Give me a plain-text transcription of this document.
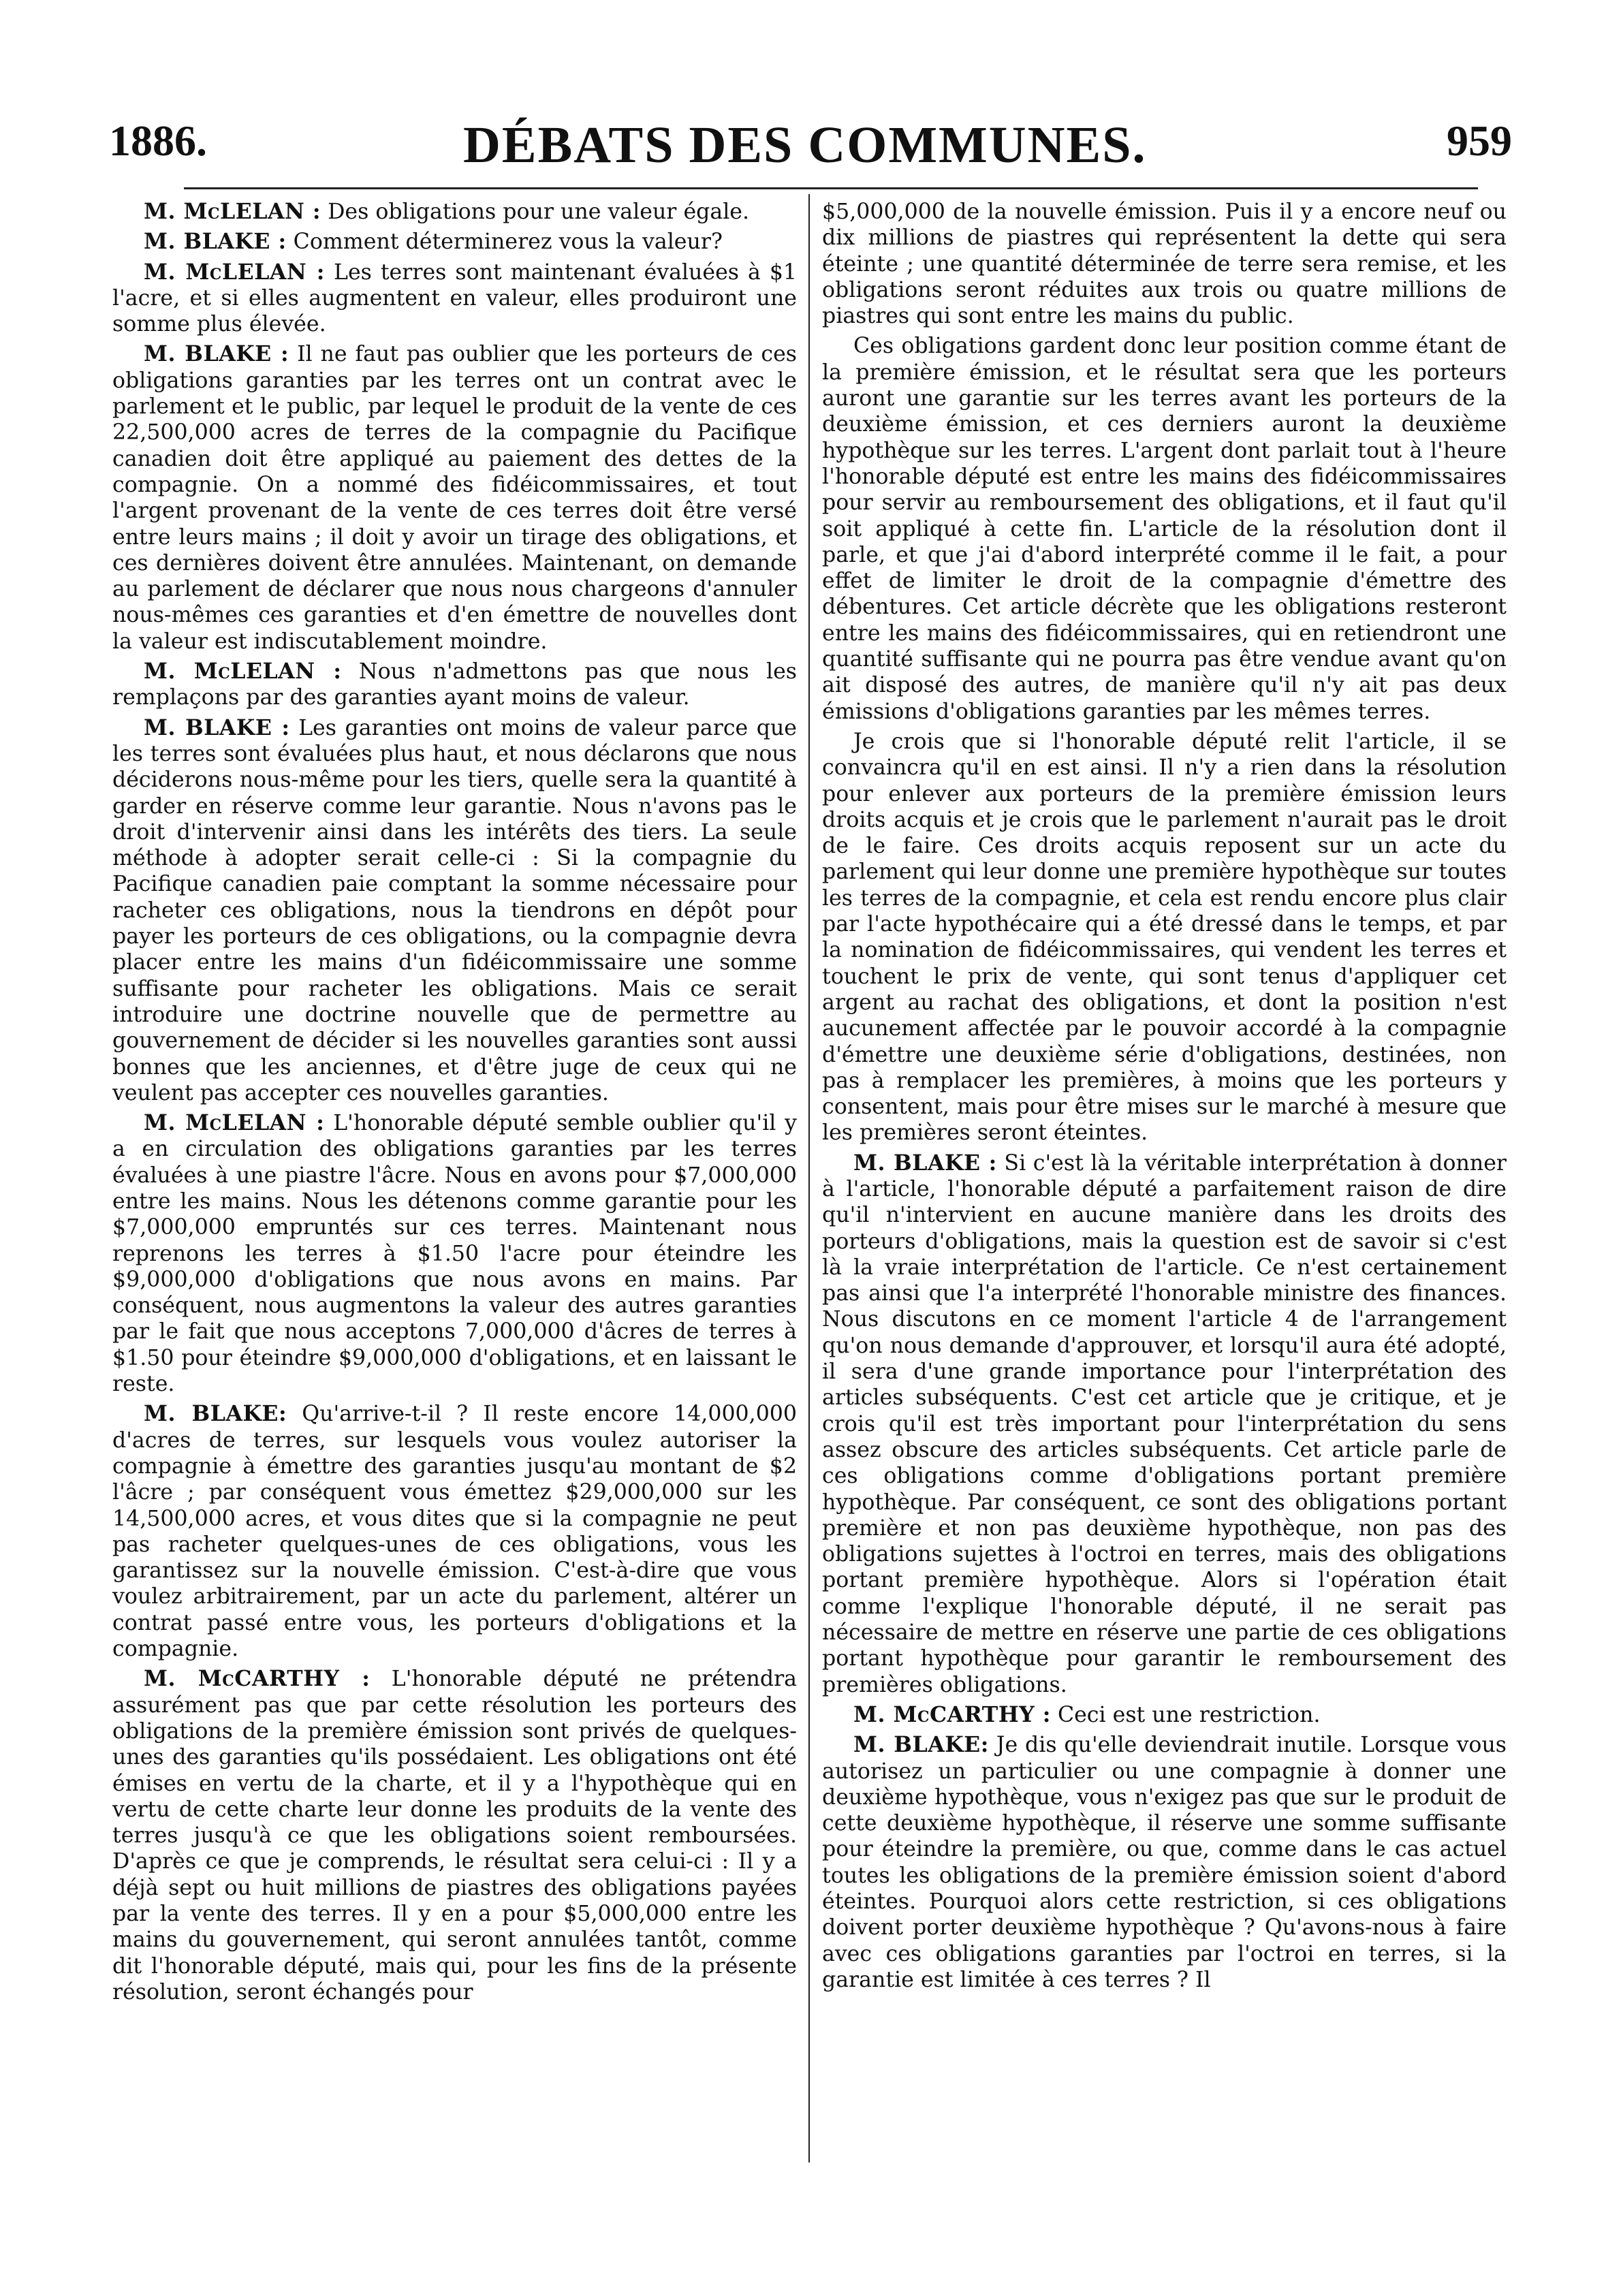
1886.	DÉBATS DES COMMUNES.	959

M. McLELAN : Des obligations pour une valeur égale.

M. BLAKE : Comment déterminerez vous la valeur?

M. McLELAN : Les terres sont maintenant évaluées à $1 l'acre, et si elles augmentent en valeur, elles produiront une somme plus élevée.

M. BLAKE : Il ne faut pas oublier que les porteurs de ces obligations garanties par les terres ont un contrat avec le parlement et le public, par lequel le produit de la vente de ces 22,500,000 acres de terres de la compagnie du Pacifique canadien doit être appliqué au paiement des dettes de la compagnie. On a nommé des fidéicommissaires, et tout l'argent provenant de la vente de ces terres doit être versé entre leurs mains ; il doit y avoir un tirage des obligations, et ces dernières doivent être annulées. Maintenant, on demande au parlement de déclarer que nous nous chargeons d'annuler nous-mêmes ces garanties et d'en émettre de nouvelles dont la valeur est indiscutablement moindre.

M. McLELAN : Nous n'admettons pas que nous les remplaçons par des garanties ayant moins de valeur.

M. BLAKE : Les garanties ont moins de valeur parce que les terres sont évaluées plus haut, et nous déclarons que nous déciderons nous-même pour les tiers, quelle sera la quantité à garder en réserve comme leur garantie. Nous n'avons pas le droit d'intervenir ainsi dans les intérêts des tiers. La seule méthode à adopter serait celle-ci : Si la compagnie du Pacifique canadien paie comptant la somme nécessaire pour racheter ces obligations, nous la tiendrons en dépôt pour payer les porteurs de ces obligations, ou la compagnie devra placer entre les mains d'un fidéicommissaire une somme suffisante pour racheter les obligations. Mais ce serait introduire une doctrine nouvelle que de permettre au gouvernement de décider si les nouvelles garanties sont aussi bonnes que les anciennes, et d'être juge de ceux qui ne veulent pas accepter ces nouvelles garanties.

M. McLELAN : L'honorable député semble oublier qu'il y a en circulation des obligations garanties par les terres évaluées à une piastre l'âcre. Nous en avons pour $7,000,000 entre les mains. Nous les détenons comme garantie pour les $7,000,000 empruntés sur ces terres. Maintenant nous reprenons les terres à $1.50 l'acre pour éteindre les $9,000,000 d'obligations que nous avons en mains. Par conséquent, nous augmentons la valeur des autres garanties par le fait que nous acceptons 7,000,000 d'âcres de terres à $1.50 pour éteindre $9,000,000 d'obligations, et en laissant le reste.

M. BLAKE: Qu'arrive-t-il ? Il reste encore 14,000,000 d'acres de terres, sur lesquels vous voulez autoriser la compagnie à émettre des garanties jusqu'au montant de $2 l'âcre ; par conséquent vous émettez $29,000,000 sur les 14,500,000 acres, et vous dites que si la compagnie ne peut pas racheter quelques-unes de ces obligations, vous les garantissez sur la nouvelle émission. C'est-à-dire que vous voulez arbitrairement, par un acte du parlement, altérer un contrat passé entre vous, les porteurs d'obligations et la compagnie.

M. McCARTHY : L'honorable député ne prétendra assurément pas que par cette résolution les porteurs des obligations de la première émission sont privés de quelques-unes des garanties qu'ils possédaient. Les obligations ont été émises en vertu de la charte, et il y a l'hypothèque qui en vertu de cette charte leur donne les produits de la vente des terres jusqu'à ce que les obligations soient remboursées. D'après ce que je comprends, le résultat sera celui-ci : Il y a déjà sept ou huit millions de piastres des obligations payées par la vente des terres. Il y en a pour $5,000,000 entre les mains du gouvernement, qui seront annulées tantôt, comme dit l'honorable député, mais qui, pour les fins de la présente résolution, seront échangés pour

$5,000,000 de la nouvelle émission. Puis il y a encore neuf ou dix millions de piastres qui représentent la dette qui sera éteinte ; une quantité déterminée de terre sera remise, et les obligations seront réduites aux trois ou quatre millions de piastres qui sont entre les mains du public.

Ces obligations gardent donc leur position comme étant de la première émission, et le résultat sera que les porteurs auront une garantie sur les terres avant les porteurs de la deuxième émission, et ces derniers auront la deuxième hypothèque sur les terres. L'argent dont parlait tout à l'heure l'honorable député est entre les mains des fidéicommissaires pour servir au remboursement des obligations, et il faut qu'il soit appliqué à cette fin. L'article de la résolution dont il parle, et que j'ai d'abord interprété comme il le fait, a pour effet de limiter le droit de la compagnie d'émettre des débentures. Cet article décrète que les obligations resteront entre les mains des fidéicommissaires, qui en retiendront une quantité suffisante qui ne pourra pas être vendue avant qu'on ait disposé des autres, de manière qu'il n'y ait pas deux émissions d'obligations garanties par les mêmes terres.

Je crois que si l'honorable député relit l'article, il se convaincra qu'il en est ainsi. Il n'y a rien dans la résolution pour enlever aux porteurs de la première émission leurs droits acquis et je crois que le parlement n'aurait pas le droit de le faire. Ces droits acquis reposent sur un acte du parlement qui leur donne une première hypothèque sur toutes les terres de la compagnie, et cela est rendu encore plus clair par l'acte hypothécaire qui a été dressé dans le temps, et par la nomination de fidéicommissaires, qui vendent les terres et touchent le prix de vente, qui sont tenus d'appliquer cet argent au rachat des obligations, et dont la position n'est aucunement affectée par le pouvoir accordé à la compagnie d'émettre une deuxième série d'obligations, destinées, non pas à remplacer les premières, à moins que les porteurs y consentent, mais pour être mises sur le marché à mesure que les premières seront éteintes.

M. BLAKE : Si c'est là la véritable interprétation à donner à l'article, l'honorable député a parfaitement raison de dire qu'il n'intervient en aucune manière dans les droits des porteurs d'obligations, mais la question est de savoir si c'est là la vraie interprétation de l'article. Ce n'est certainement pas ainsi que l'a interprété l'honorable ministre des finances. Nous discutons en ce moment l'article 4 de l'arrangement qu'on nous demande d'approuver, et lorsqu'il aura été adopté, il sera d'une grande importance pour l'interprétation des articles subséquents. C'est cet article que je critique, et je crois qu'il est très important pour l'interprétation du sens assez obscure des articles subséquents. Cet article parle de ces obligations comme d'obligations portant première hypothèque. Par conséquent, ce sont des obligations portant première et non pas deuxième hypothèque, non pas des obligations sujettes à l'octroi en terres, mais des obligations portant première hypothèque. Alors si l'opération était comme l'explique l'honorable député, il ne serait pas nécessaire de mettre en réserve une partie de ces obligations portant hypothèque pour garantir le remboursement des premières obligations.

M. McCARTHY : Ceci est une restriction.

M. BLAKE: Je dis qu'elle deviendrait inutile. Lorsque vous autorisez un particulier ou une compagnie à donner une deuxième hypothèque, vous n'exigez pas que sur le produit de cette deuxième hypothèque, il réserve une somme suffisante pour éteindre la première, ou que, comme dans le cas actuel toutes les obligations de la première émission soient d'abord éteintes. Pourquoi alors cette restriction, si ces obligations doivent porter deuxième hypothèque ? Qu'avons-nous à faire avec ces obligations garanties par l'octroi en terres, si la garantie est limitée à ces terres ? Il
